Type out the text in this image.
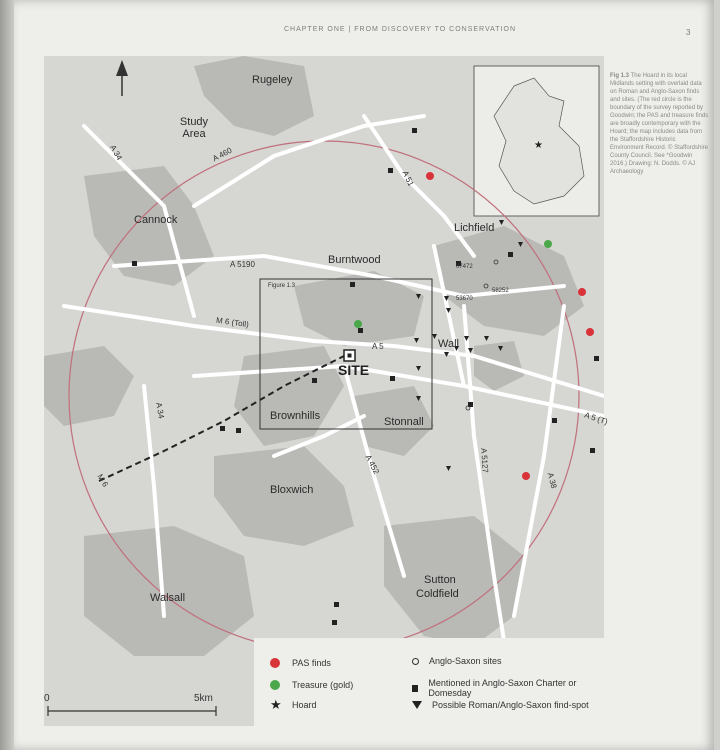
CHAPTER ONE | FROM DISCOVERY TO CONSERVATION	3
★
Rugeley
Study Area
A 34	A 460
A 51
Cannock
Lichfield
Burntwood
A 5190	07472
58252
53670
Figure 1.3
M 6 (Toll)
A 5	Wall
SITE
A 34	Brownhills	Stonnall	A 5 (T)
A 452	A 5127
A 38
M 6
Bloxwich
Sutton
Coldfield
Walsall
PAS finds
Treasure (gold)
★ Hoard
Anglo-Saxon sites
Mentioned in Anglo-Saxon Charter or Domesday
Possible Roman/Anglo-Saxon find-spot
0	5km
Fig 1.3 The Hoard in its local Midlands setting with overlaid data on Roman and Anglo-Saxon finds and sites. (The red circle is the boundary of the survey reported by Goodwin; the PAS and treasure finds are broadly contemporary with the Hoard; the map includes data from the Staffordshire Historic Environment Record. © Staffordshire County Council. See *Goodwin 2016.) Drawing: N. Dodds. © AJ Archaeology
